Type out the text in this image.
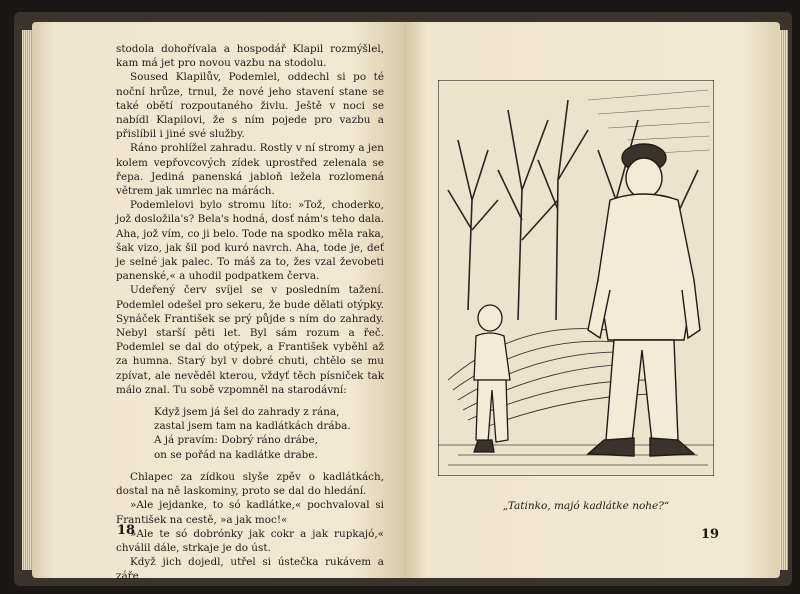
stodola dohořívala a hospodář Klapil rozmýšlel, kam má jet pro novou vazbu na stodolu.

Soused Klapilův, Podemlel, oddechl si po té noční hrůze, trnul, že nové jeho stavení stane se také obětí rozpoutaného živlu. Ještě v noci se nabídl Klapilovi, že s ním pojede pro vazbu a přislíbil i jiné své služby.

Ráno prohlížel zahradu. Rostly v ní stromy a jen kolem vepřovcových zídek uprostřed zelenala se řepa. Jediná panenská jabloň ležela rozlomená větrem jak umrlec na márách.

Podemlelovi bylo stromu líto: »Tož, choderko, jož dosložila's? Bela's hodná, dosť nám's teho dala. Aha, jož vím, co ji belo. Tode na spodko měla raka, šak vizo, jak šil pod kuró navrch. Aha, tode je, deť je selné jak palec. To máš za to, žes vzal ževobeti panenské,« a uhodil podpatkem červa.

Udeřený červ svíjel se v posledním tažení. Podemlel odešel pro sekeru, že bude dělati otýpky. Synáček František se prý půjde s ním do zahrady. Nebyl starší pěti let. Byl sám rozum a řeč. Podemlel se dal do otýpek, a František vyběhl až za humna. Starý byl v dobré chuti, chtělo se mu zpívat, ale nevěděl kterou, vždyť těch písniček tak málo znal. Tu sobě vzpomněl na starodávní:

Když jsem já šel do zahrady z rána,
zastal jsem tam na kadlátkách drába.
A já pravím: Dobrý ráno drábe,
on se pořád na kadlátke drabe.

Chlapec za zídkou slyše zpěv o kadlátkách, dostal na ně laskominy, proto se dal do hledání.

»Ale jejdanke, to só kadlátke,« pochvaloval si František na cestě, »a jak moc!«

»Ale te só dobrónky jak cokr a jak rupkajó,« chválil dále, strkaje je do úst.

Když jich dojedl, utřel si ústečka rukávem a záře

18
„Tatinko, majó kadlátke nohe?“
19
